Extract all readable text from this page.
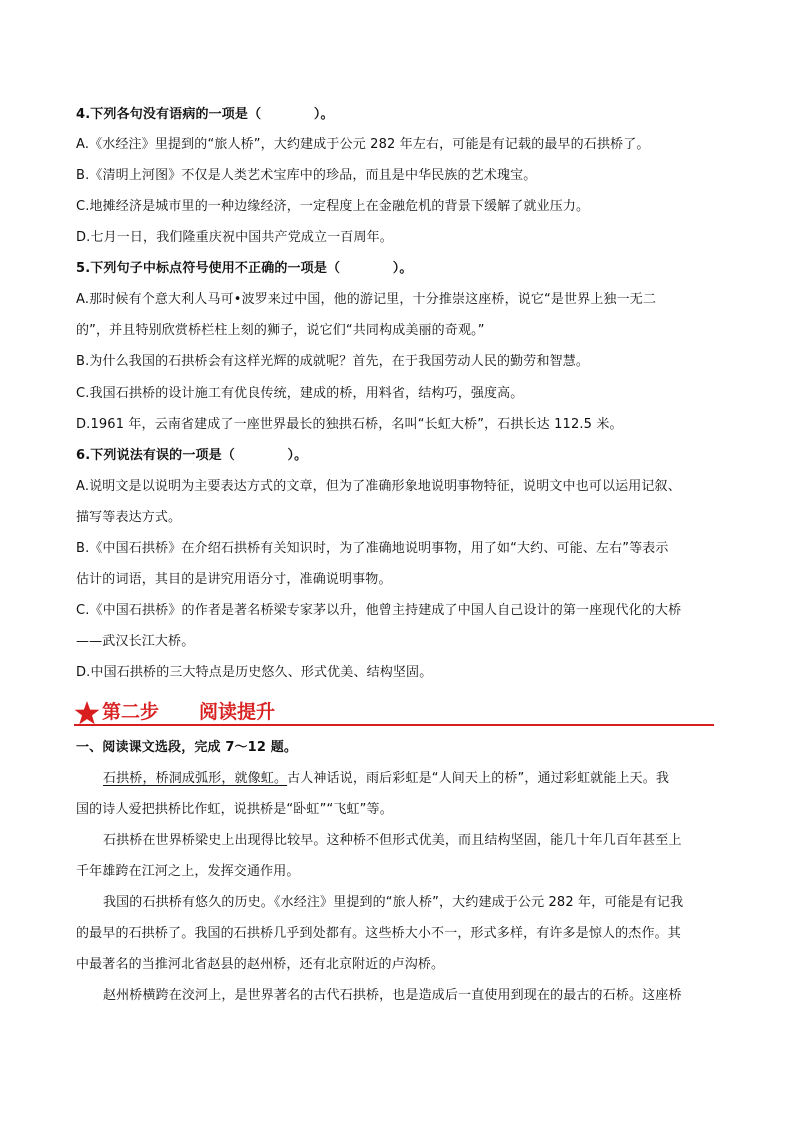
4.下列各句没有语病的一项是（　　　　）。
A.《水经注》里提到的“旅人桥”，大约建成于公元 282 年左右，可能是有记载的最早的石拱桥了。
B.《清明上河图》不仅是人类艺术宝库中的珍品，而且是中华民族的艺术瑰宝。
C.地摊经济是城市里的一种边缘经济，一定程度上在金融危机的背景下缓解了就业压力。
D.七月一日，我们隆重庆祝中国共产党成立一百周年。
5.下列句子中标点符号使用不正确的一项是（　　　　）。
A.那时候有个意大利人马可•波罗来过中国，他的游记里，十分推崇这座桥，说它“是世界上独一无二
的”，并且特别欣赏桥栏柱上刻的狮子，说它们“共同构成美丽的奇观。”
B.为什么我国的石拱桥会有这样光辉的成就呢？首先，在于我国劳动人民的勤劳和智慧。
C.我国石拱桥的设计施工有优良传统，建成的桥，用料省，结构巧，强度高。
D.1961 年，云南省建成了一座世界最长的独拱石桥，名叫“长虹大桥”，石拱长达 112.5 米。
6.下列说法有误的一项是（　　　　）。
A.说明文是以说明为主要表达方式的文章，但为了准确形象地说明事物特征，说明文中也可以运用记叙、
描写等表达方式。
B.《中国石拱桥》在介绍石拱桥有关知识时，为了准确地说明事物，用了如“大约、可能、左右”等表示
估计的词语，其目的是讲究用语分寸，准确说明事物。
C.《中国石拱桥》的作者是著名桥梁专家茅以升，他曾主持建成了中国人自己设计的第一座现代化的大桥
——武汉长江大桥。
D.中国石拱桥的三大特点是历史悠久、形式优美、结构坚固。
第二步 阅读提升
一、阅读课文选段，完成 7～12 题。
石拱桥，桥洞成弧形，就像虹。古人神话说，雨后彩虹是“人间天上的桥”，通过彩虹就能上天。我
国的诗人爱把拱桥比作虹，说拱桥是“卧虹”“飞虹”等。
石拱桥在世界桥梁史上出现得比较早。这种桥不但形式优美，而且结构坚固，能几十年几百年甚至上
千年雄跨在江河之上，发挥交通作用。
我国的石拱桥有悠久的历史。《水经注》里提到的“旅人桥”，大约建成于公元 282 年，可能是有记我
的最早的石拱桥了。我国的石拱桥几乎到处都有。这些桥大小不一，形式多样，有许多是惊人的杰作。其
中最著名的当推河北省赵县的赵州桥，还有北京附近的卢沟桥。
赵州桥横跨在洨河上，是世界著名的古代石拱桥，也是造成后一直使用到现在的最古的石桥。这座桥
